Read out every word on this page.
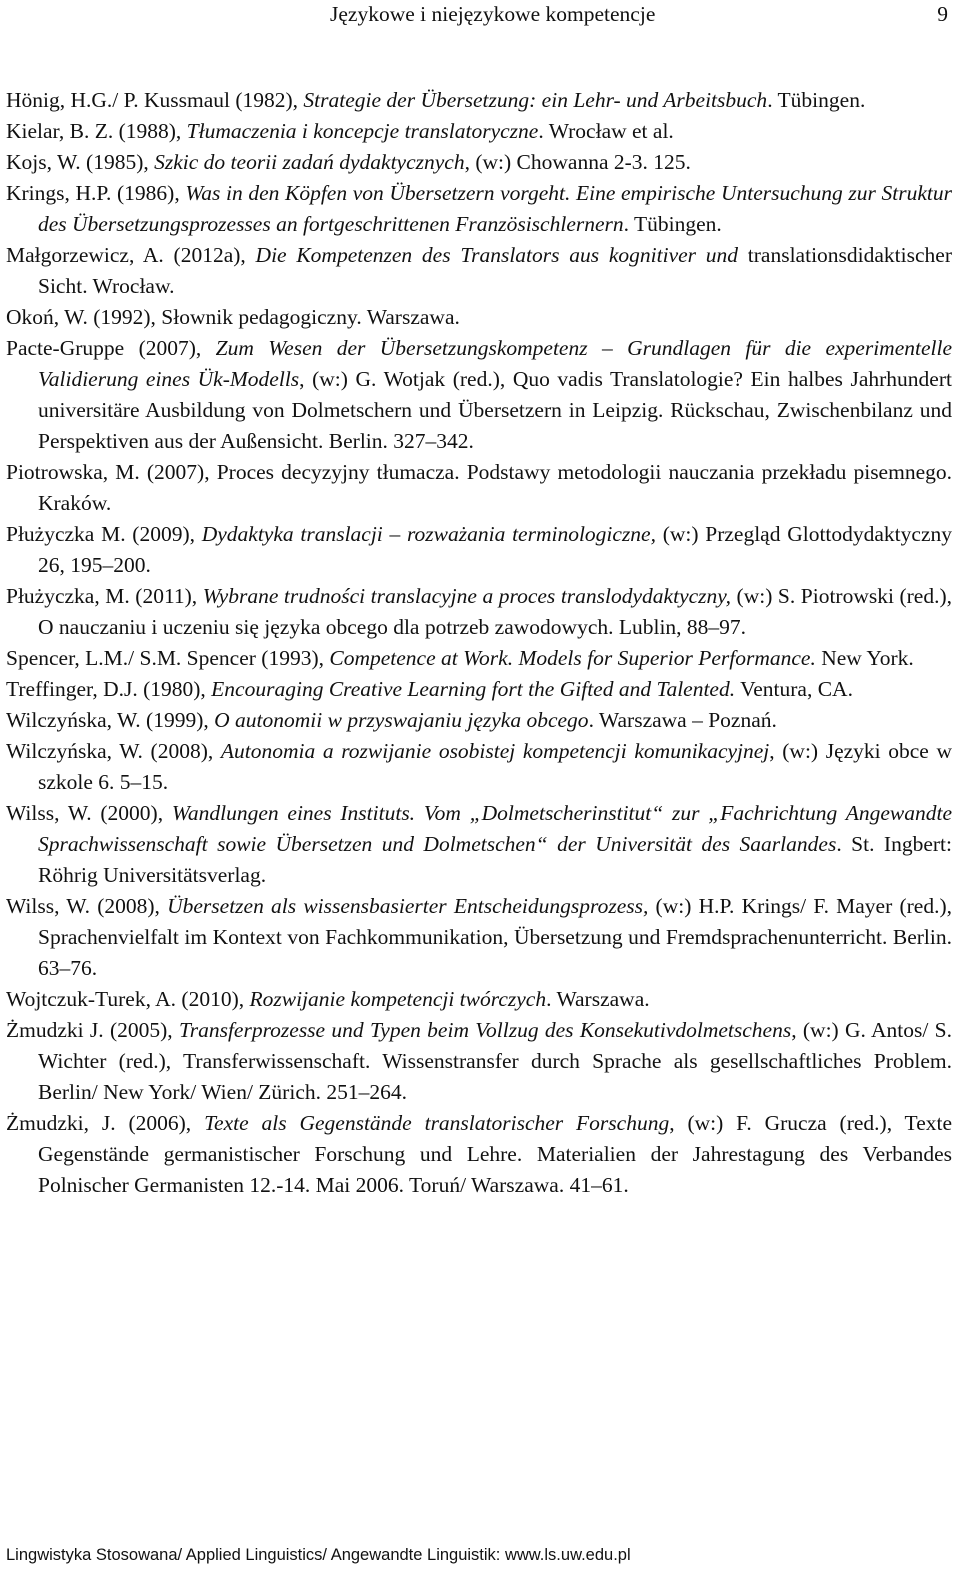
Językowe i niejęzykowe kompetencje	9
Hönig, H.G./ P. Kussmaul (1982), Strategie der Übersetzung: ein Lehr- und Arbeitsbuch. Tübingen.
Kielar, B. Z. (1988), Tłumaczenia i koncepcje translatoryczne. Wrocław et al.
Kojs, W. (1985), Szkic do teorii zadań dydaktycznych, (w:) Chowanna 2-3. 125.
Krings, H.P. (1986), Was in den Köpfen von Übersetzern vorgeht. Eine empirische Untersuchung zur Struktur des Übersetzungsprozesses an fortgeschrittenen Französischlernern. Tübingen.
Małgorzewicz, A. (2012a), Die Kompetenzen des Translators aus kognitiver und translationsdidaktischer Sicht. Wrocław.
Okoń, W. (1992), Słownik pedagogiczny. Warszawa.
Pacte-Gruppe (2007), Zum Wesen der Übersetzungskompetenz – Grundlagen für die experimentelle Validierung eines Ük-Modells, (w:) G. Wotjak (red.), Quo vadis Translatologie? Ein halbes Jahrhundert universitäre Ausbildung von Dolmetschern und Übersetzern in Leipzig. Rückschau, Zwischenbilanz und Perspektiven aus der Außensicht. Berlin. 327–342.
Piotrowska, M. (2007), Proces decyzyjny tłumacza. Podstawy metodologii nauczania przekładu pisemnego. Kraków.
Płużyczka M. (2009), Dydaktyka translacji – rozważania terminologiczne, (w:) Przegląd Glottodydaktyczny 26, 195–200.
Płużyczka, M. (2011), Wybrane trudności translacyjne a proces translodydaktyczny, (w:) S. Piotrowski (red.), O nauczaniu i uczeniu się języka obcego dla potrzeb zawodowych. Lublin, 88–97.
Spencer, L.M./ S.M. Spencer (1993), Competence at Work. Models for Superior Performance. New York.
Treffinger, D.J. (1980), Encouraging Creative Learning fort the Gifted and Talented. Ventura, CA.
Wilczyńska, W. (1999), O autonomii w przyswajaniu języka obcego. Warszawa – Poznań.
Wilczyńska, W. (2008), Autonomia a rozwijanie osobistej kompetencji komunikacyjnej, (w:) Języki obce w szkole 6. 5–15.
Wilss, W. (2000), Wandlungen eines Instituts. Vom „Dolmetscherinstitut“ zur „Fachrichtung Angewandte Sprachwissenschaft sowie Übersetzen und Dolmetschen“ der Universität des Saarlandes. St. Ingbert: Röhrig Universitätsverlag.
Wilss, W. (2008), Übersetzen als wissensbasierter Entscheidungsprozess, (w:) H.P. Krings/ F. Mayer (red.), Sprachenvielfalt im Kontext von Fachkommunikation, Übersetzung und Fremdsprachenunterricht. Berlin. 63–76.
Wojtczuk-Turek, A. (2010), Rozwijanie kompetencji twórczych. Warszawa.
Żmudzki J. (2005), Transferprozesse und Typen beim Vollzug des Konsekutivdolmetschens, (w:) G. Antos/ S. Wichter (red.), Transferwissenschaft. Wissenstransfer durch Sprache als gesellschaftliches Problem. Berlin/ New York/ Wien/ Zürich. 251–264.
Żmudzki, J. (2006), Texte als Gegenstände translatorischer Forschung, (w:) F. Grucza (red.), Texte Gegenstände germanistischer Forschung und Lehre. Materialien der Jahrestagung des Verbandes Polnischer Germanisten 12.-14. Mai 2006. Toruń/ Warszawa. 41–61.
Lingwistyka Stosowana/ Applied Linguistics/ Angewandte Linguistik: www.ls.uw.edu.pl
